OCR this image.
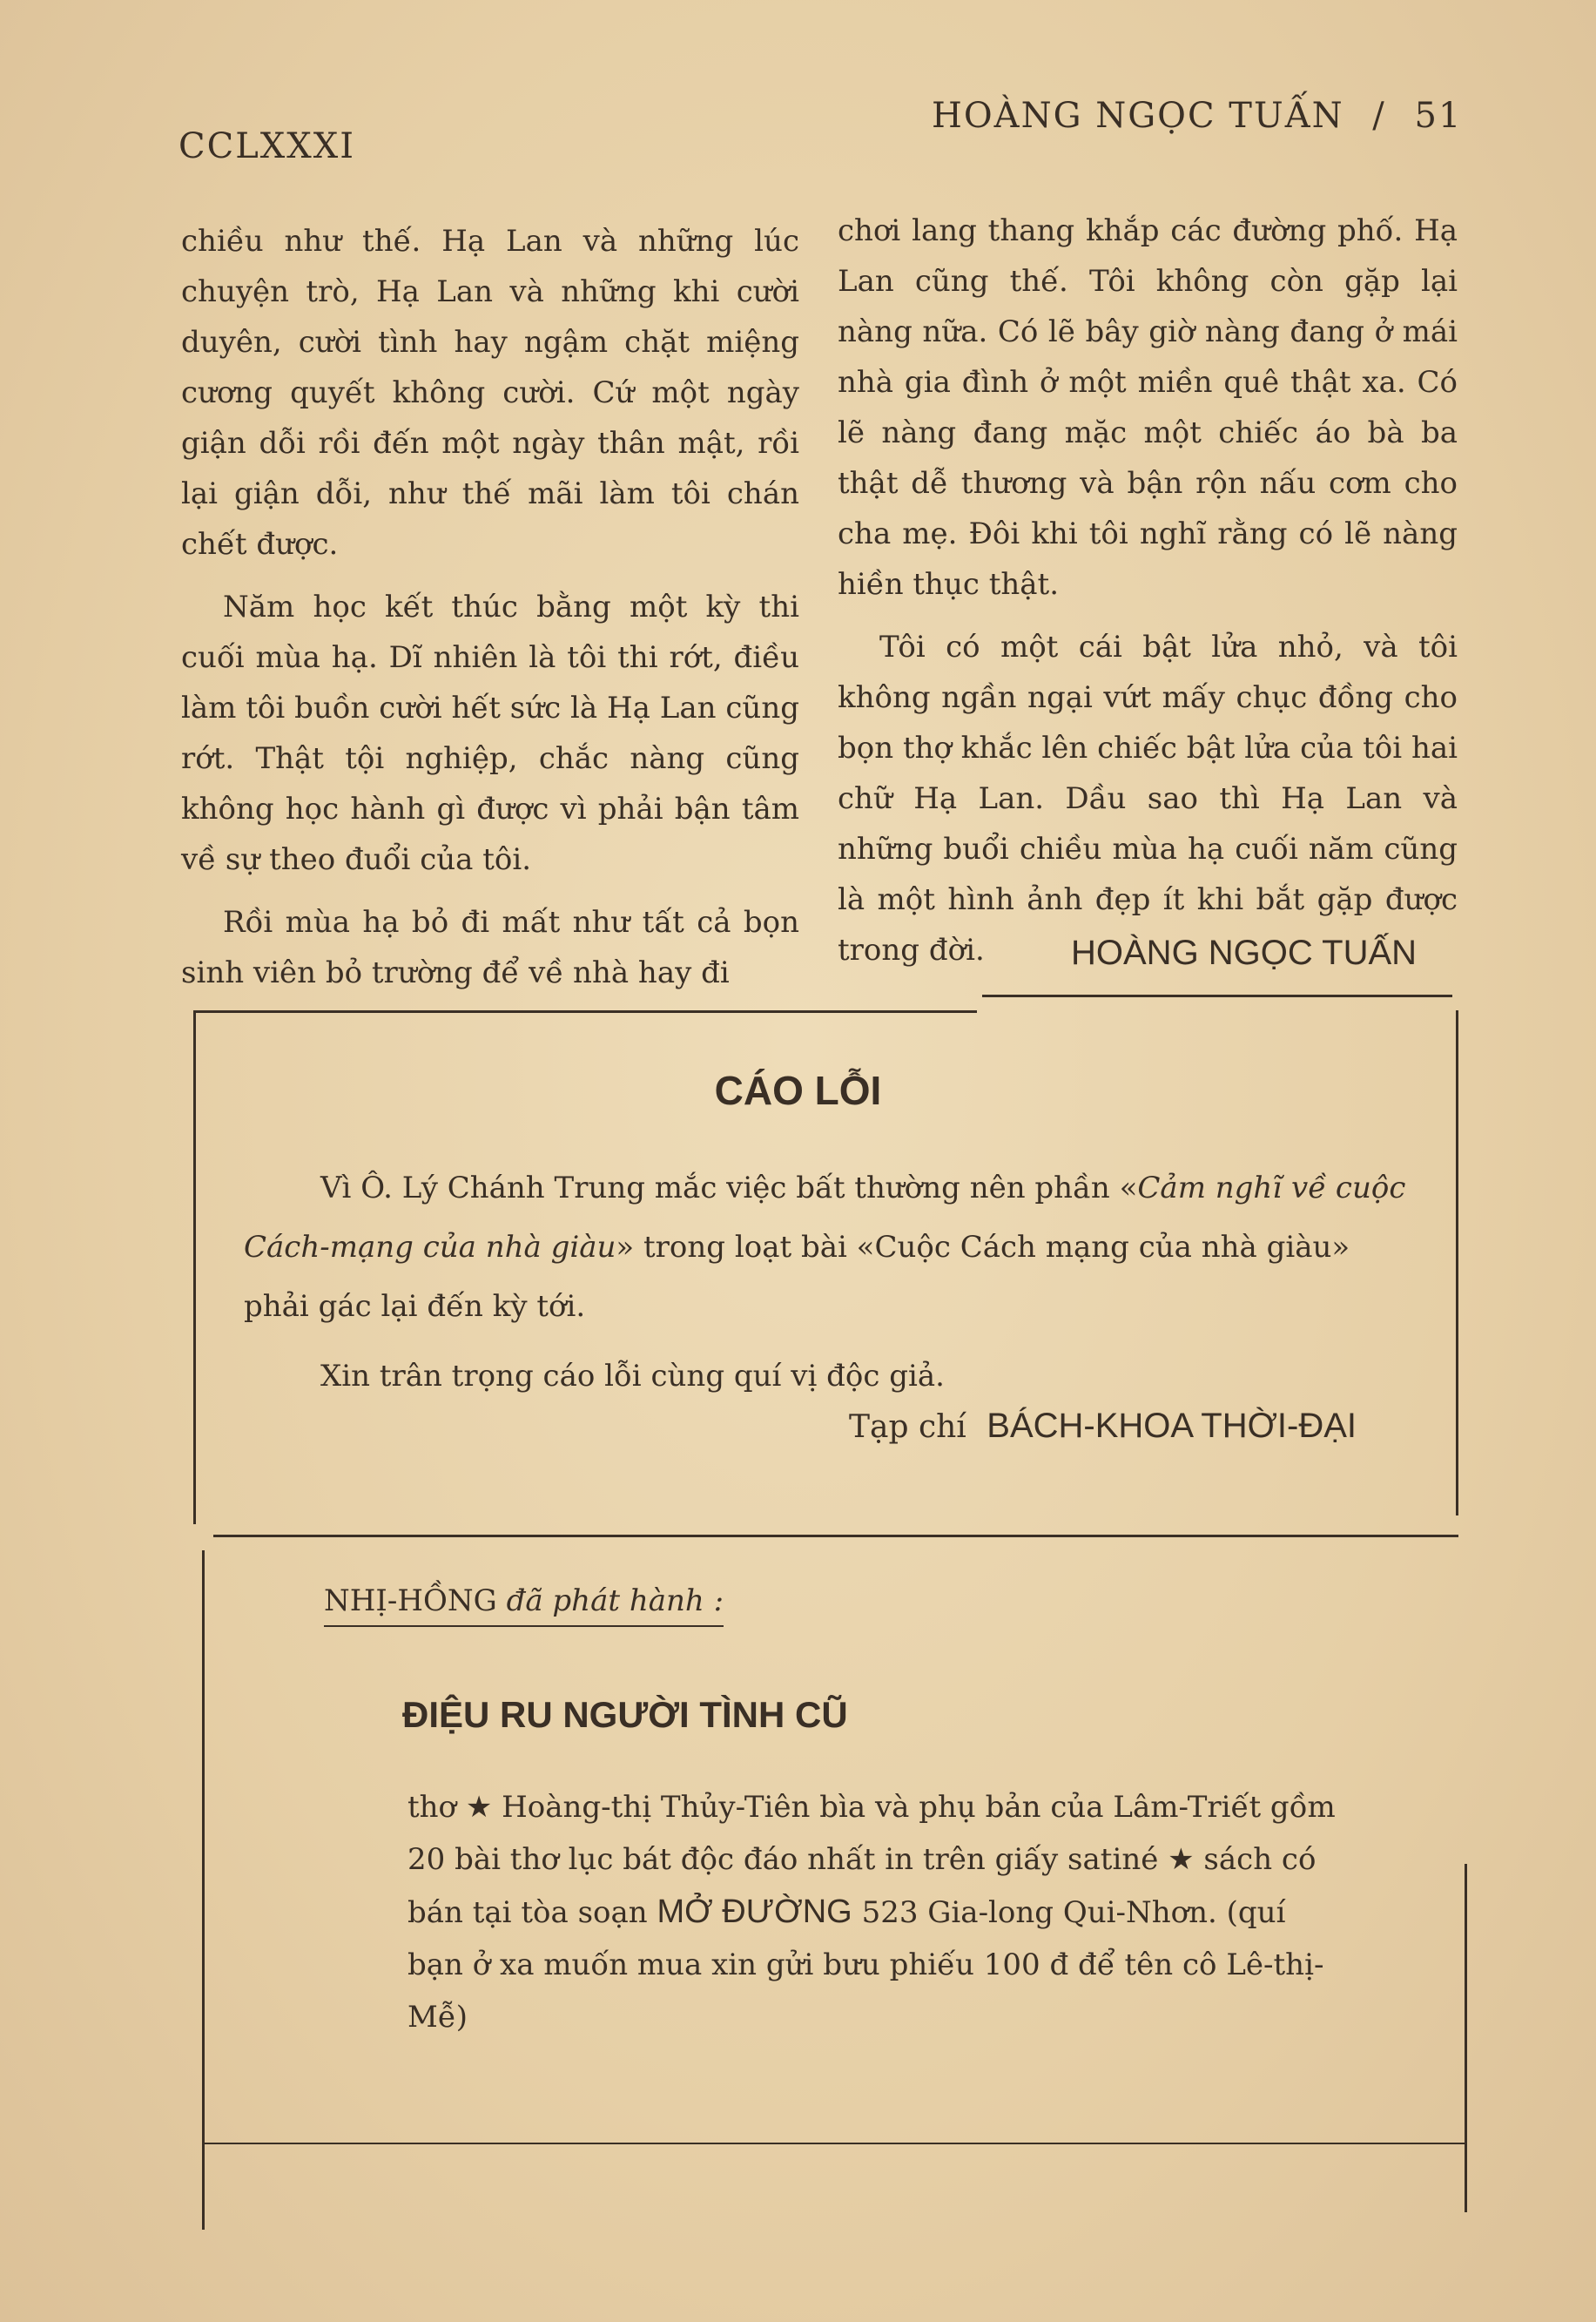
CCLXXXI
HOÀNG NGỌC TUẤN / 51

chiều như thế. Hạ Lan và những lúc chuyện trò, Hạ Lan và những khi cười duyên, cười tình hay ngậm chặt miệng cương quyết không cười. Cứ một ngày giận dỗi rồi đến một ngày thân mật, rồi lại giận dỗi, như thế mãi làm tôi chán chết được.

Năm học kết thúc bằng một kỳ thi cuối mùa hạ. Dĩ nhiên là tôi thi rớt, điều làm tôi buồn cười hết sức là Hạ Lan cũng rớt. Thật tội nghiệp, chắc nàng cũng không học hành gì được vì phải bận tâm về sự theo đuổi của tôi.

Rồi mùa hạ bỏ đi mất như tất cả bọn sinh viên bỏ trường để về nhà hay đi

chơi lang thang khắp các đường phố. Hạ Lan cũng thế. Tôi không còn gặp lại nàng nữa. Có lẽ bây giờ nàng đang ở mái nhà gia đình ở một miền quê thật xa. Có lẽ nàng đang mặc một chiếc áo bà ba thật dễ thương và bận rộn nấu cơm cho cha mẹ. Đôi khi tôi nghĩ rằng có lẽ nàng hiền thục thật.

Tôi có một cái bật lửa nhỏ, và tôi không ngần ngại vứt mấy chục đồng cho bọn thợ khắc lên chiếc bật lửa của tôi hai chữ Hạ Lan. Dầu sao thì Hạ Lan và những buổi chiều mùa hạ cuối năm cũng là một hình ảnh đẹp ít khi bắt gặp được trong đời.	HOÀNG NGỌC TUẤN
CÁO LỖI

Vì Ô. Lý Chánh Trung mắc việc bất thường nên phần «Cảm nghĩ về cuộc Cách-mạng của nhà giàu» trong loạt bài «Cuộc Cách mạng của nhà giàu» phải gác lại đến kỳ tới.

Xin trân trọng cáo lỗi cùng quí vị độc giả.

Tạp chí BÁCH-KHOA THỜI-ĐẠI
NHỊ-HỒNG đã phát hành :
ĐIỆU RU NGƯỜI TÌNH CŨ

thơ ★ Hoàng-thị Thủy-Tiên bìa và phụ bản của Lâm-Triết gồm 20 bài thơ lục bát độc đáo nhất in trên giấy satiné ★ sách có bán tại tòa soạn MỞ ĐƯỜNG 523 Gia-long Qui-Nhơn. (quí bạn ở xa muốn mua xin gửi bưu phiếu 100 đ để tên cô Lê-thị-Mễ)
